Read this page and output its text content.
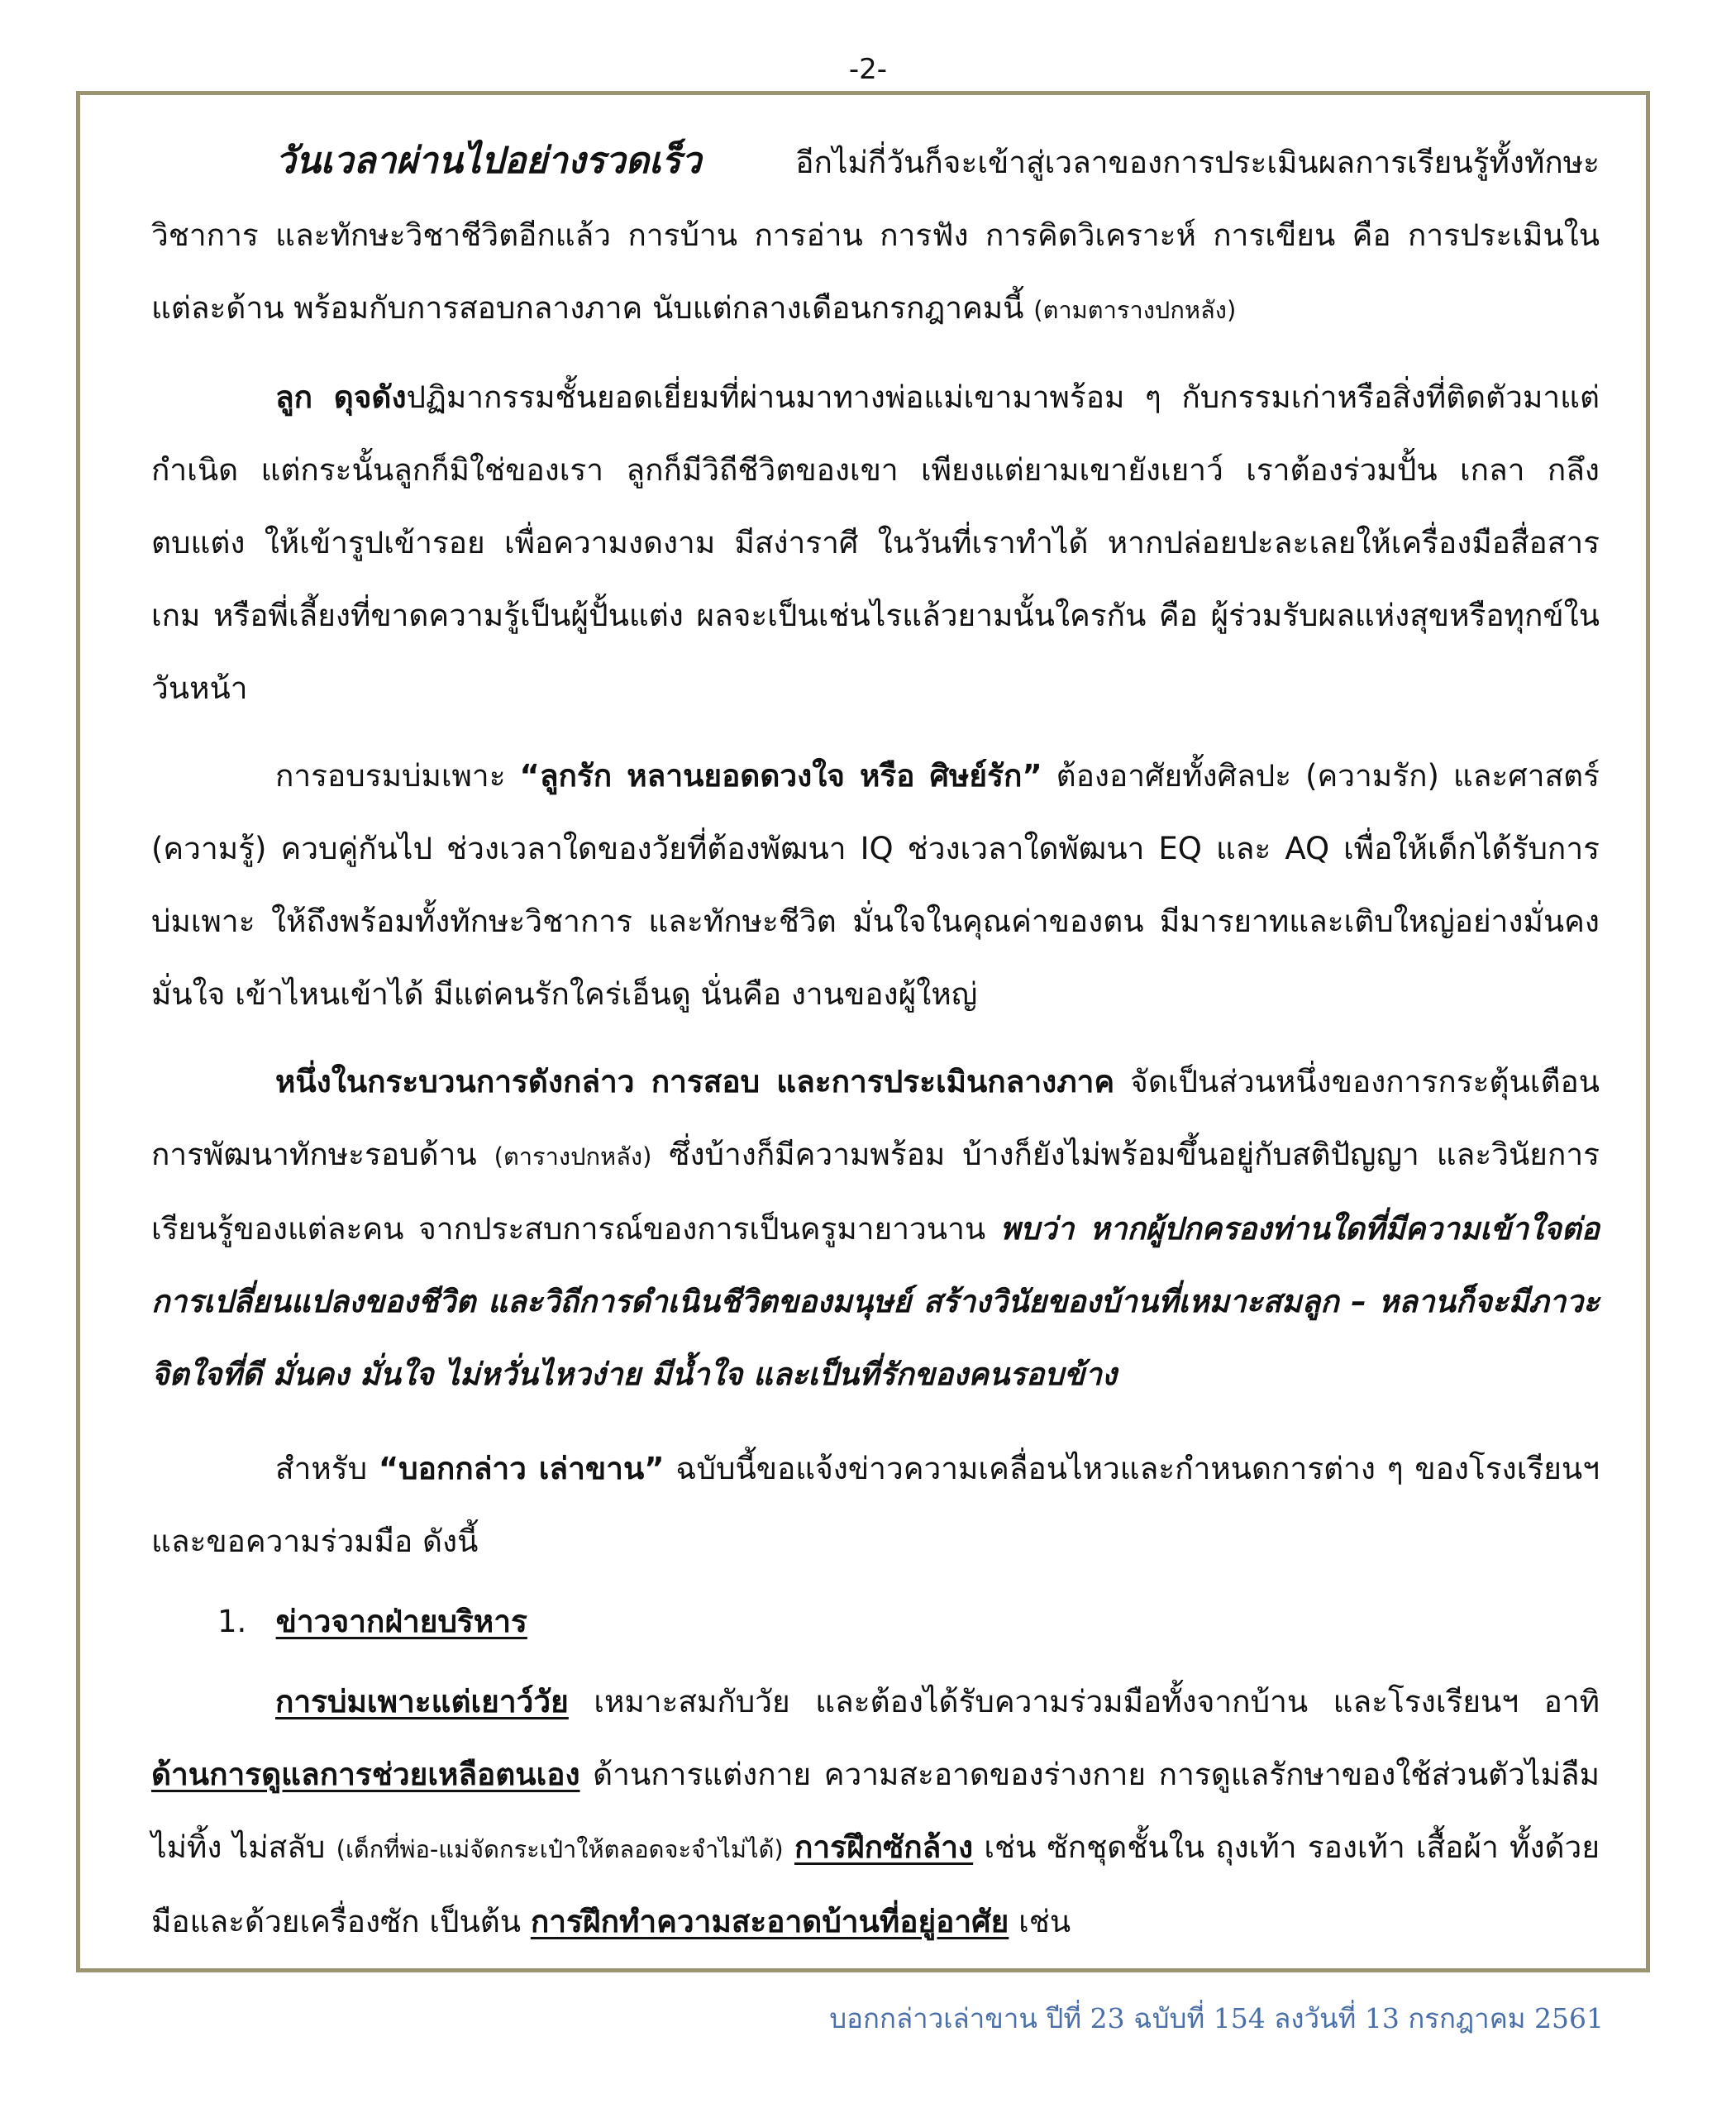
-2-

วันเวลาผ่านไปอย่างรวดเร็ว      อีกไม่กี่วันก็จะเข้าสู่เวลาของการประเมินผลการเรียนรู้ทั้งทักษะวิชาการ และทักษะวิชาชีวิตอีกแล้ว การบ้าน การอ่าน การฟัง การคิดวิเคราะห์ การเขียน คือ การประเมินในแต่ละด้าน พร้อมกับการสอบกลางภาค นับแต่กลางเดือนกรกฎาคมนี้ (ตามตารางปกหลัง)

ลูก ดุจดังปฏิมากรรมชั้นยอดเยี่ยมที่ผ่านมาทางพ่อแม่เขามาพร้อม ๆ กับกรรมเก่าหรือสิ่งที่ติดตัวมาแต่กำเนิด แต่กระนั้นลูกก็มิใช่ของเรา ลูกก็มีวิถีชีวิตของเขา เพียงแต่ยามเขายังเยาว์ เราต้องร่วมปั้น เกลา กลึง ตบแต่ง ให้เข้ารูปเข้ารอย เพื่อความงดงาม มีสง่าราศี ในวันที่เราทำได้ หากปล่อยปะละเลยให้เครื่องมือสื่อสาร เกม หรือพี่เลี้ยงที่ขาดความรู้เป็นผู้ปั้นแต่ง ผลจะเป็นเช่นไรแล้วยามนั้นใครกัน คือ ผู้ร่วมรับผลแห่งสุขหรือทุกข์ในวันหน้า

การอบรมบ่มเพาะ “ลูกรัก หลานยอดดวงใจ หรือ ศิษย์รัก” ต้องอาศัยทั้งศิลปะ (ความรัก) และศาสตร์ (ความรู้) ควบคู่กันไป ช่วงเวลาใดของวัยที่ต้องพัฒนา IQ ช่วงเวลาใดพัฒนา EQ และ AQ เพื่อให้เด็กได้รับการบ่มเพาะ ให้ถึงพร้อมทั้งทักษะวิชาการ และทักษะชีวิต มั่นใจในคุณค่าของตน มีมารยาทและเติบใหญ่อย่างมั่นคง มั่นใจ เข้าไหนเข้าได้ มีแต่คนรักใคร่เอ็นดู นั่นคือ งานของผู้ใหญ่

หนึ่งในกระบวนการดังกล่าว การสอบ และการประเมินกลางภาค จัดเป็นส่วนหนึ่งของการกระตุ้นเตือนการพัฒนาทักษะรอบด้าน (ตารางปกหลัง) ซึ่งบ้างก็มีความพร้อม บ้างก็ยังไม่พร้อมขึ้นอยู่กับสติปัญญา และวินัยการเรียนรู้ของแต่ละคน จากประสบการณ์ของการเป็นครูมายาวนาน พบว่า หากผู้ปกครองท่านใดที่มีความเข้าใจต่อการเปลี่ยนแปลงของชีวิต และวิถีการดำเนินชีวิตของมนุษย์ สร้างวินัยของบ้านที่เหมาะสมลูก – หลานก็จะมีภาวะจิตใจที่ดี มั่นคง มั่นใจ ไม่หวั่นไหวง่าย มีน้ำใจ และเป็นที่รักของคนรอบข้าง

สำหรับ “บอกกล่าว เล่าขาน” ฉบับนี้ขอแจ้งข่าวความเคลื่อนไหวและกำหนดการต่าง ๆ ของโรงเรียนฯ และขอความร่วมมือ ดังนี้

1. ข่าวจากฝ่ายบริหาร

การบ่มเพาะแต่เยาว์วัย เหมาะสมกับวัย และต้องได้รับความร่วมมือทั้งจากบ้าน และโรงเรียนฯ อาทิ ด้านการดูแลการช่วยเหลือตนเอง ด้านการแต่งกาย ความสะอาดของร่างกาย การดูแลรักษาของใช้ส่วนตัวไม่ลืม ไม่ทิ้ง ไม่สลับ (เด็กที่พ่อ-แม่จัดกระเป๋าให้ตลอดจะจำไม่ได้) การฝึกซักล้าง เช่น ซักชุดชั้นใน ถุงเท้า รองเท้า เสื้อผ้า ทั้งด้วยมือและด้วยเครื่องซัก เป็นต้น การฝึกทำความสะอาดบ้านที่อยู่อาศัย เช่น

บอกกล่าวเล่าขาน ปีที่ 23 ฉบับที่ 154 ลงวันที่ 13 กรกฎาคม 2561
